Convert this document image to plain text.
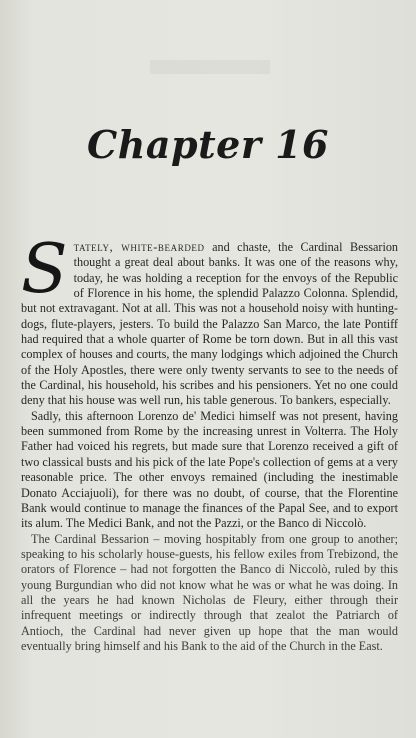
Chapter 16

Stately, white-bearded and chaste, the Cardinal Bessarion thought a great deal about banks. It was one of the reasons why, today, he was holding a reception for the envoys of the Republic of Florence in his home, the splendid Palazzo Colonna. Splendid, but not extravagant. Not at all. This was not a household noisy with hunting-dogs, flute-players, jesters. To build the Palazzo San Marco, the late Pontiff had required that a whole quarter of Rome be torn down. But in all this vast complex of houses and courts, the many lodgings which adjoined the Church of the Holy Apostles, there were only twenty servants to see to the needs of the Cardinal, his household, his scribes and his pensioners. Yet no one could deny that his house was well run, his table generous. To bankers, especially.

Sadly, this afternoon Lorenzo de' Medici himself was not present, having been summoned from Rome by the increasing unrest in Volterra. The Holy Father had voiced his regrets, but made sure that Lorenzo received a gift of two classical busts and his pick of the late Pope's collection of gems at a very reasonable price. The other envoys remained (including the inestimable Donato Acciajuoli), for there was no doubt, of course, that the Florentine Bank would continue to manage the finances of the Papal See, and to export its alum. The Medici Bank, and not the Pazzi, or the Banco di Niccolò.

The Cardinal Bessarion – moving hospitably from one group to another; speaking to his scholarly house-guests, his fellow exiles from Trebizond, the orators of Florence – had not forgotten the Banco di Niccolò, ruled by this young Burgundian who did not know what he was or what he was doing. In all the years he had known Nicholas de Fleury, either through their infrequent meetings or indirectly through that zealot the Patriarch of Antioch, the Cardinal had never given up hope that the man would eventually bring himself and his Bank to the aid of the Church in the East.
